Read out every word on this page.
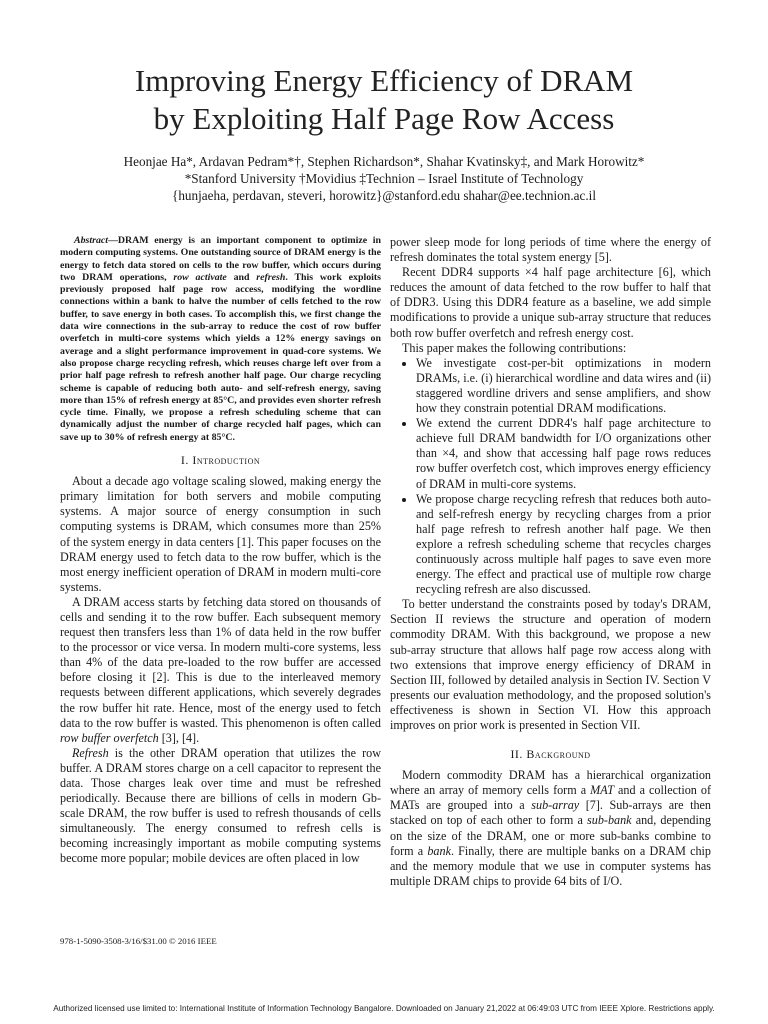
Improving Energy Efficiency of DRAM
by Exploiting Half Page Row Access
Heonjae Ha*, Ardavan Pedram*†, Stephen Richardson*, Shahar Kvatinsky‡, and Mark Horowitz*
*Stanford University †Movidius ‡Technion – Israel Institute of Technology
{hunjaeha, perdavan, steveri, horowitz}@stanford.edu shahar@ee.technion.ac.il

Abstract—DRAM energy is an important component to optimize in modern computing systems. One outstanding source of DRAM energy is the energy to fetch data stored on cells to the row buffer, which occurs during two DRAM operations, row activate and refresh. This work exploits previously proposed half page row access, modifying the wordline connections within a bank to halve the number of cells fetched to the row buffer, to save energy in both cases. To accomplish this, we first change the data wire connections in the sub-array to reduce the cost of row buffer overfetch in multi-core systems which yields a 12% energy savings on average and a slight performance improvement in quad-core systems. We also propose charge recycling refresh, which reuses charge left over from a prior half page refresh to refresh another half page. Our charge recycling scheme is capable of reducing both auto- and self-refresh energy, saving more than 15% of refresh energy at 85°C, and provides even shorter refresh cycle time. Finally, we propose a refresh scheduling scheme that can dynamically adjust the number of charge recycled half pages, which can save up to 30% of refresh energy at 85°C.

I. Introduction

About a decade ago voltage scaling slowed, making energy the primary limitation for both servers and mobile computing systems. A major source of energy consumption in such computing systems is DRAM, which consumes more than 25% of the system energy in data centers [1]. This paper focuses on the DRAM energy used to fetch data to the row buffer, which is the most energy inefficient operation of DRAM in modern multi-core systems.

A DRAM access starts by fetching data stored on thousands of cells and sending it to the row buffer. Each subsequent memory request then transfers less than 1% of data held in the row buffer to the processor or vice versa. In modern multi-core systems, less than 4% of the data pre-loaded to the row buffer are accessed before closing it [2]. This is due to the interleaved memory requests between different applications, which severely degrades the row buffer hit rate. Hence, most of the energy used to fetch data to the row buffer is wasted. This phenomenon is often called row buffer overfetch [3], [4].

Refresh is the other DRAM operation that utilizes the row buffer. A DRAM stores charge on a cell capacitor to represent the data. Those charges leak over time and must be refreshed periodically. Because there are billions of cells in modern Gb-scale DRAM, the row buffer is used to refresh thousands of cells simultaneously. The energy consumed to refresh cells is becoming increasingly important as mobile computing systems become more popular; mobile devices are often placed in low

978-1-5090-3508-3/16/$31.00 © 2016 IEEE

power sleep mode for long periods of time where the energy of refresh dominates the total system energy [5].

Recent DDR4 supports ×4 half page architecture [6], which reduces the amount of data fetched to the row buffer to half that of DDR3. Using this DDR4 feature as a baseline, we add simple modifications to provide a unique sub-array structure that reduces both row buffer overfetch and refresh energy cost.

This paper makes the following contributions:

• We investigate cost-per-bit optimizations in modern DRAMs, i.e. (i) hierarchical wordline and data wires and (ii) staggered wordline drivers and sense amplifiers, and show how they constrain potential DRAM modifications.
• We extend the current DDR4's half page architecture to achieve full DRAM bandwidth for I/O organizations other than ×4, and show that accessing half page rows reduces row buffer overfetch cost, which improves energy efficiency of DRAM in multi-core systems.
• We propose charge recycling refresh that reduces both auto- and self-refresh energy by recycling charges from a prior half page refresh to refresh another half page. We then explore a refresh scheduling scheme that recycles charges continuously across multiple half pages to save even more energy. The effect and practical use of multiple row charge recycling refresh are also discussed.

To better understand the constraints posed by today's DRAM, Section II reviews the structure and operation of modern commodity DRAM. With this background, we propose a new sub-array structure that allows half page row access along with two extensions that improve energy efficiency of DRAM in Section III, followed by detailed analysis in Section IV. Section V presents our evaluation methodology, and the proposed solution's effectiveness is shown in Section VI. How this approach improves on prior work is presented in Section VII.

II. Background

Modern commodity DRAM has a hierarchical organization where an array of memory cells form a MAT and a collection of MATs are grouped into a sub-array [7]. Sub-arrays are then stacked on top of each other to form a sub-bank and, depending on the size of the DRAM, one or more sub-banks combine to form a bank. Finally, there are multiple banks on a DRAM chip and the memory module that we use in computer systems has multiple DRAM chips to provide 64 bits of I/O.

Authorized licensed use limited to: International Institute of Information Technology Bangalore. Downloaded on January 21,2022 at 06:49:03 UTC from IEEE Xplore. Restrictions apply.
